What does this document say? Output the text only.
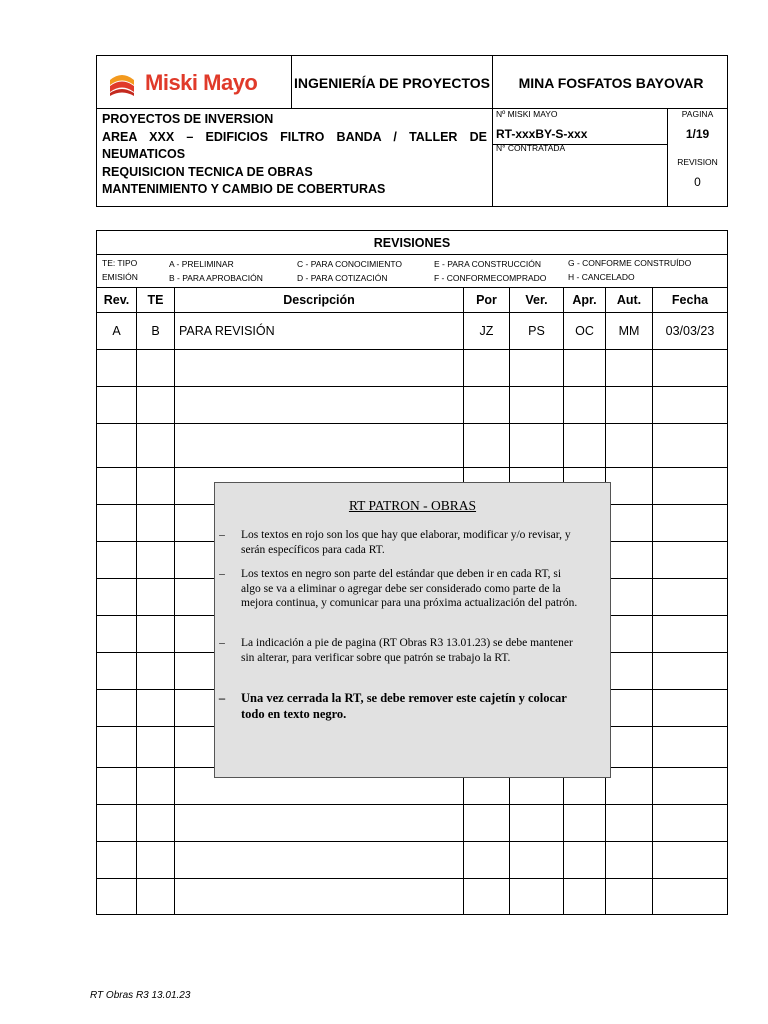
Miski Mayo	INGENIERÍA DE PROYECTOS	MINA FOSFATOS BAYOVAR
PROYECTOS DE INVERSION
AREA XXX – EDIFICIOS FILTRO BANDA / TALLER DE
NEUMATICOS
REQUISICION TECNICA DE OBRAS
MANTENIMIENTO Y CAMBIO DE COBERTURAS
Nº MISKI MAYO
RT-xxxBY-S-xxx
N° CONTRATADA
PAGINA
1/19
REVISION
0
REVISIONES
TE: TIPO
EMISIÓN
A - PRELIMINAR
B - PARA APROBACIÓN
C - PARA CONOCIMIENTO
D - PARA COTIZACIÓN
E - PARA CONSTRUCCIÓN
F - CONFORMECOMPRADO
G - CONFORME CONSTRUÍDO
H - CANCELADO
Rev.	TE	Descripción	Por	Ver.	Apr.	Aut.	Fecha
A	B	PARA REVISIÓN	JZ	PS	OC	MM	03/03/23
RT PATRON - OBRAS
–	Los textos en rojo son los que hay que elaborar, modificar y/o revisar, y serán específicos para cada RT.
–	Los textos en negro son parte del estándar que deben ir en cada RT, si algo se va a eliminar o agregar debe ser considerado como parte de la mejora continua, y comunicar para una próxima actualización del patrón.
–	La indicación a pie de pagina (RT Obras R3 13.01.23) se debe mantener sin alterar, para verificar sobre que patrón se trabajo la RT.
–	Una vez cerrada la RT, se debe remover este cajetín y colocar todo en texto negro.
RT Obras R3 13.01.23
